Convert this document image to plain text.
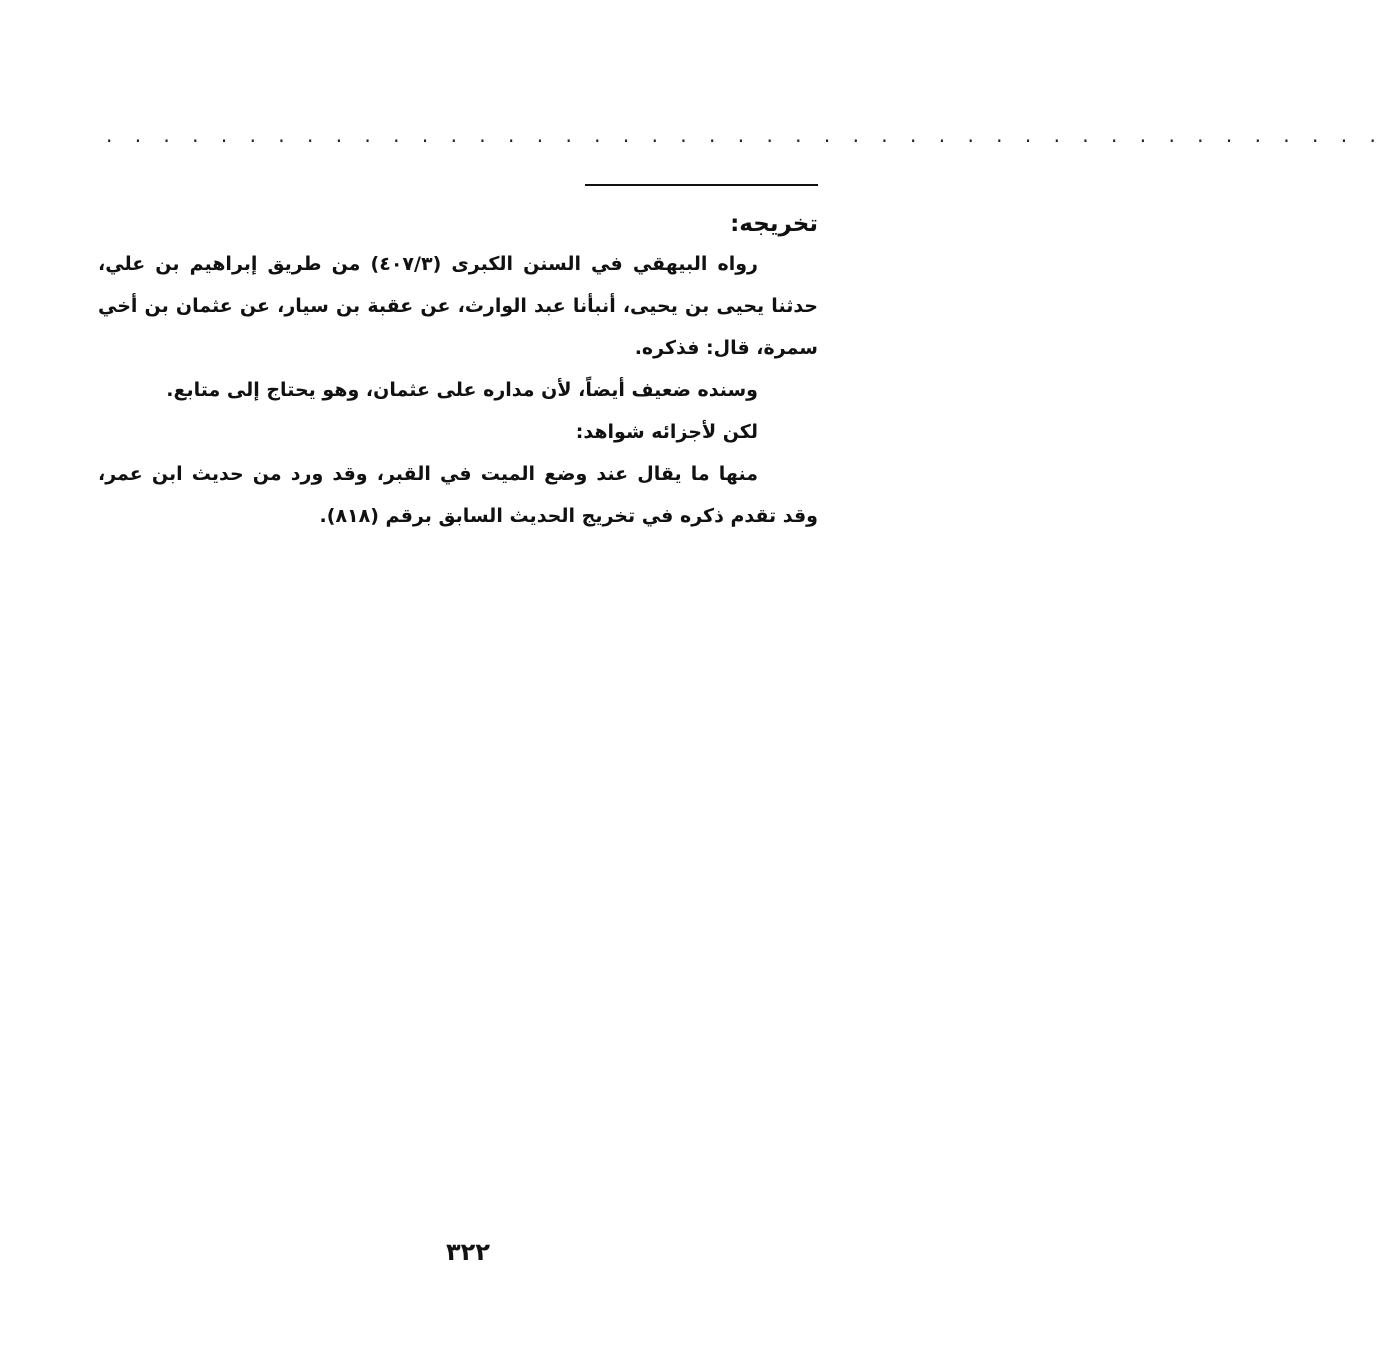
. . . . . . . . . . . . . . . . . . . . . . . . . . . . . . . . . . . . . . . . . . . . .
تخريجه:

رواه البيهقي في السنن الكبرى (٤٠٧/٣) من طريق إبراهيم بن علي، حدثنا يحيى بن يحيى، أنبأنا عبد الوارث، عن عقبة بن سيار، عن عثمان بن أخي سمرة، قال: فذكره.

وسنده ضعيف أيضاً، لأن مداره على عثمان، وهو يحتاج إلى متابع.

لكن لأجزائه شواهد:

منها ما يقال عند وضع الميت في القبر، وقد ورد من حديث ابن عمر، وقد تقدم ذكره في تخريج الحديث السابق برقم (٨١٨).

٣٢٢
